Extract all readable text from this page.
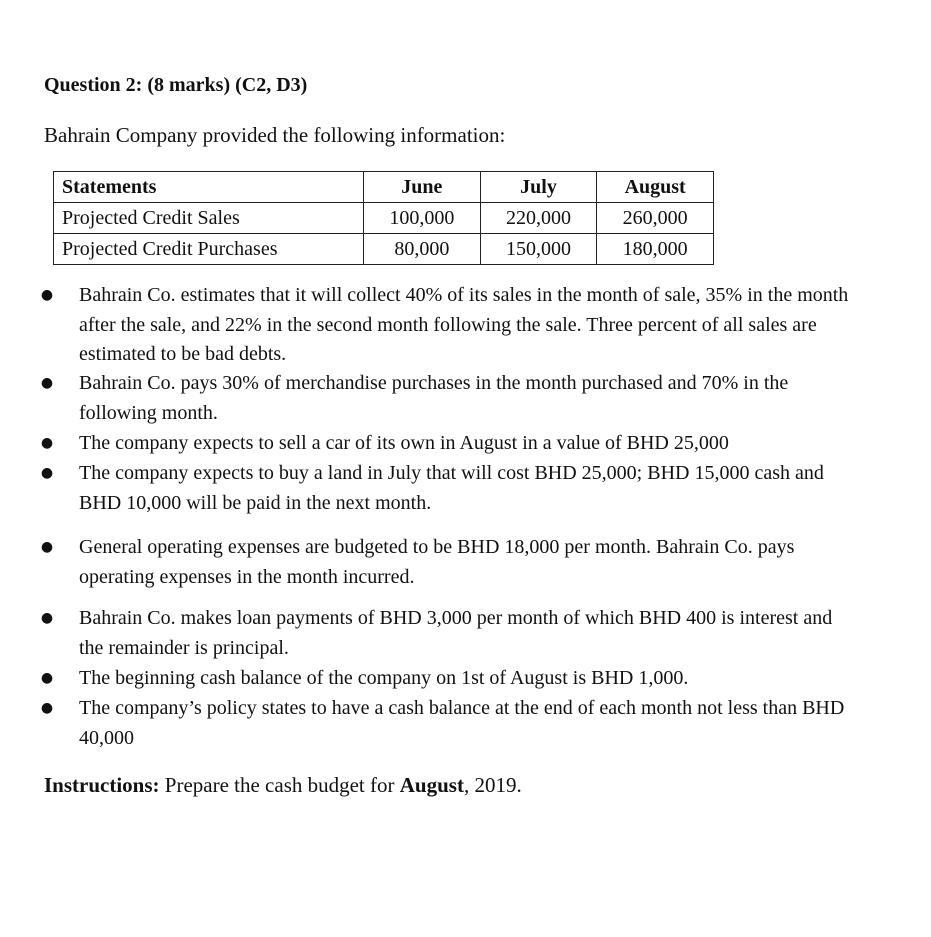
Question 2: (8 marks) (C2, D3)
Bahrain Company provided the following information:
Statements	June	July	August
Projected Credit Sales	100,000	220,000	260,000
Projected Credit Purchases	80,000	150,000	180,000
● Bahrain Co. estimates that it will collect 40% of its sales in the month of sale, 35% in the month after the sale, and 22% in the second month following the sale. Three percent of all sales are estimated to be bad debts.
● Bahrain Co. pays 30% of merchandise purchases in the month purchased and 70% in the following month.
● The company expects to sell a car of its own in August in a value of BHD 25,000
● The company expects to buy a land in July that will cost BHD 25,000; BHD 15,000 cash and BHD 10,000 will be paid in the next month.
● General operating expenses are budgeted to be BHD 18,000 per month. Bahrain Co. pays operating expenses in the month incurred.
● Bahrain Co. makes loan payments of BHD 3,000 per month of which BHD 400 is interest and the remainder is principal.
● The beginning cash balance of the company on 1st of August is BHD 1,000.
● The company’s policy states to have a cash balance at the end of each month not less than BHD 40,000
Instructions: Prepare the cash budget for August, 2019.
